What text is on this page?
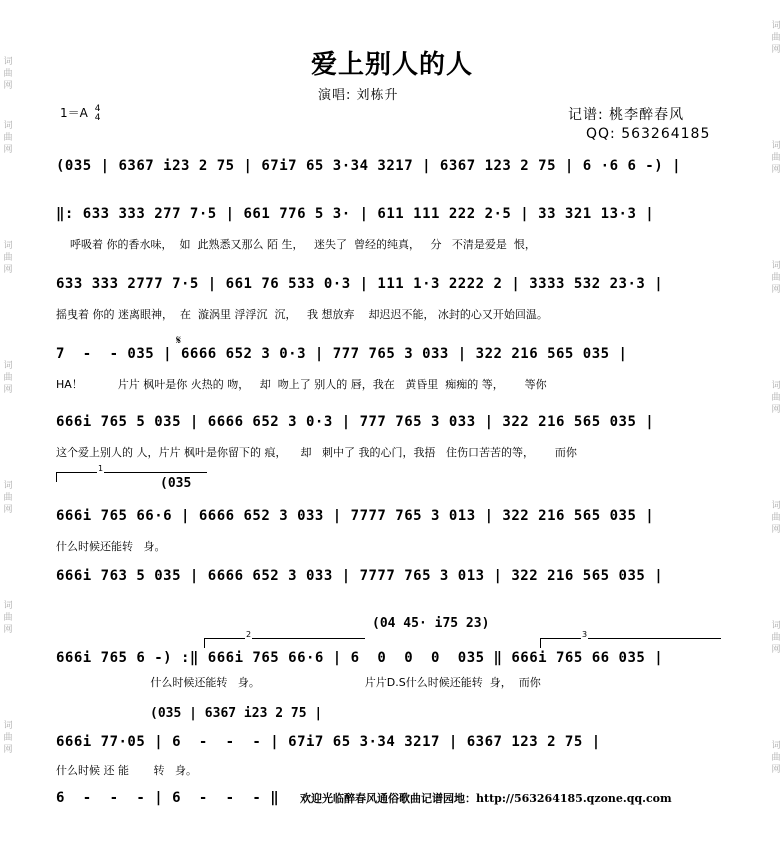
词曲网
词曲网
词曲网
词曲网
词曲网
词曲网
词曲网
词曲网
词曲网
词曲网
词曲网
词曲网
词曲网
词曲网
爱上别人的人
演唱: 刘栋升
1＝A 4
4	记谱: 桃李醉春风
QQ: 563264185
(035
(04 45· i75 23)
(035 | 6367 i23 2 75 |
𝄋
1
2	3
(035 | 6367 i23 2 75 | 67i7 65 3·34 3217 | 6367 123 2 75 | 6 ·6 6 -) |
‖: 633 333 277 7·5 | 661 776 5 3· | 611 111 222 2·5 | 33 321 13·3 |
呼吸着 你的香水味，  如  此熟悉又那么 陌 生，   迷失了  曾经的纯真，   分   不清是爱是  恨，
633 333 2777 7·5 | 661 76 533 0·3 | 111 1·3 2222 2 | 3333 532 23·3 |
摇曳着 你的 迷离眼神，  在  漩涡里 浮浮沉  沉，   我 想放弃    却迟迟不能， 冰封的心又开始回温。
7  -  - 035 | 6666 652 3 0·3 | 777 765 3 033 | 322 216 565 035 |
HA！          片片 枫叶是你 火热的 吻，   却  吻上了 别人的 唇，我在   黄昏里  痴痴的 等，      等你
666i 765 5 035 | 6666 652 3 0·3 | 777 765 3 033 | 322 216 565 035 |
这个爱上别人的 人，片片 枫叶是你留下的 痕，    却   刺中了 我的心门，我捂   住伤口苦苦的等，      而你
666i 765 66·6 | 6666 652 3 033 | 7777 765 3 013 | 322 216 565 035 |
什么时候还能转   身。
666i 763 5 035 | 6666 652 3 033 | 7777 765 3 013 | 322 216 565 035 |
666i 765 6 -) :‖ 666i 765 66·6 | 6  0  0  0  035 ‖ 666i 765 66 035 |
什么时候还能转   身。                              片片D.S什么时候还能转  身，  而你
666i 77·05 | 6  -  -  - | 67i7 65 3·34 3217 | 6367 123 2 75 |
什么时候 还 能       转   身。
6  -  -  - | 6  -  -  - ‖ 欢迎光临醉春风通俗歌曲记谱园地：http://563264185.qzone.qq.com
